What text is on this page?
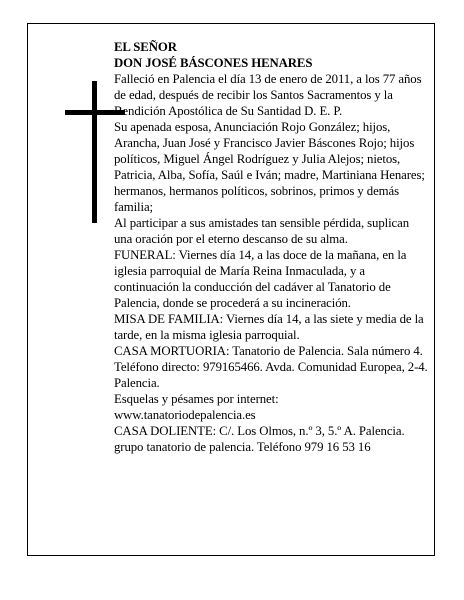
EL SEÑOR

DON JOSÉ BÁSCONES HENARES

Falleció en Palencia el día 13 de enero de 2011, a los 77 años de edad, después de recibir los Santos Sacramentos y la Bendición Apostólica de Su Santidad D. E. P.

Su apenada esposa, Anunciación Rojo González; hijos, Arancha, Juan José y Francisco Javier Báscones Rojo; hijos políticos, Miguel Ángel Rodríguez y Julia Alejos; nietos, Patricia, Alba, Sofía, Saúl e Iván; madre, Martiniana Henares; hermanos, hermanos políticos, sobrinos, primos y demás familia;

Al participar a sus amistades tan sensible pérdida, suplican una oración por el eterno descanso de su alma.

FUNERAL: Viernes día 14, a las doce de la mañana, en la iglesia parroquial de María Reina Inmaculada, y a continuación la conducción del cadáver al Tanatorio de Palencia, donde se procederá a su incineración.

MISA DE FAMILIA: Viernes día 14, a las siete y media de la tarde, en la misma iglesia parroquial.

CASA MORTUORIA: Tanatorio de Palencia. Sala número 4. Teléfono directo: 979165466. Avda. Comunidad Europea, 2-4. Palencia.

Esquelas y pésames por internet:

www.tanatoriodepalencia.es

CASA DOLIENTE: C/. Los Olmos, n.º 3, 5.º A. Palencia.

grupo tanatorio de palencia. Teléfono 979 16 53 16
